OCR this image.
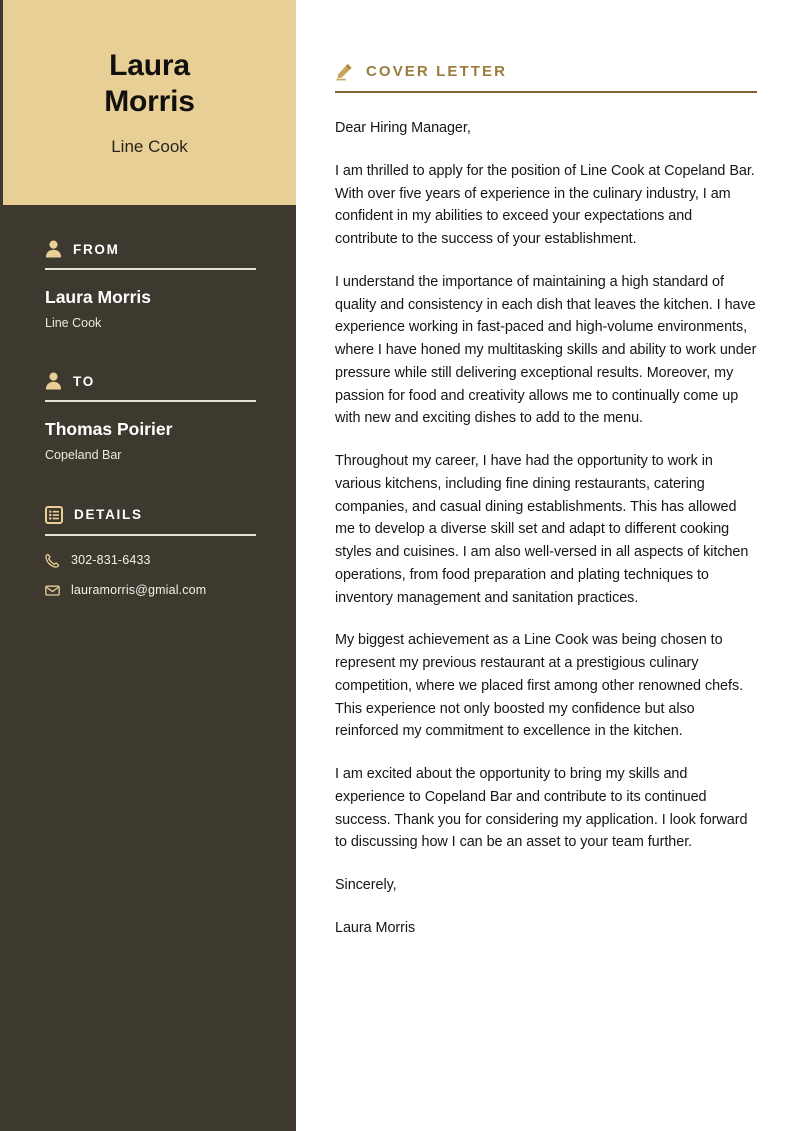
Laura Morris
Line Cook
FROM
Laura Morris
Line Cook
TO
Thomas Poirier
Copeland Bar
DETAILS
302-831-6433
lauramorris@gmial.com
COVER LETTER

Dear Hiring Manager,

I am thrilled to apply for the position of Line Cook at Copeland Bar. With over five years of experience in the culinary industry, I am confident in my abilities to exceed your expectations and contribute to the success of your establishment.

I understand the importance of maintaining a high standard of quality and consistency in each dish that leaves the kitchen. I have experience working in fast-paced and high-volume environments, where I have honed my multitasking skills and ability to work under pressure while still delivering exceptional results. Moreover, my passion for food and creativity allows me to continually come up with new and exciting dishes to add to the menu.

Throughout my career, I have had the opportunity to work in various kitchens, including fine dining restaurants, catering companies, and casual dining establishments. This has allowed me to develop a diverse skill set and adapt to different cooking styles and cuisines. I am also well-versed in all aspects of kitchen operations, from food preparation and plating techniques to inventory management and sanitation practices.

My biggest achievement as a Line Cook was being chosen to represent my previous restaurant at a prestigious culinary competition, where we placed first among other renowned chefs. This experience not only boosted my confidence but also reinforced my commitment to excellence in the kitchen.

I am excited about the opportunity to bring my skills and experience to Copeland Bar and contribute to its continued success. Thank you for considering my application. I look forward to discussing how I can be an asset to your team further.

Sincerely,

Laura Morris
